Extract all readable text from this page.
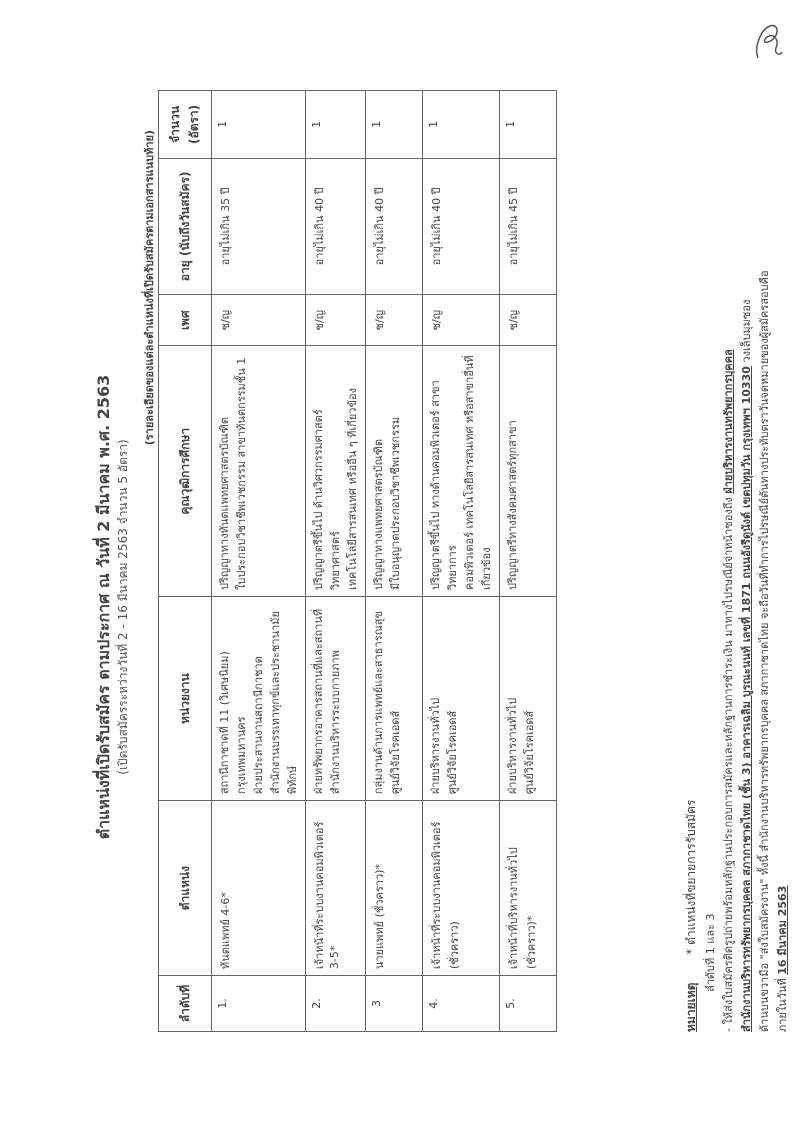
ตำแหน่งที่เปิดรับสมัคร ตามประกาศ ณ วันที่ 2 มีนาคม พ.ศ. 2563 (เปิดรับสมัครระหว่างวันที่ 2 - 16 มีนาคม 2563 จำนวน 5 อัตรา)
(รายละเอียดของแต่ละตำแหน่งที่เปิดรับสมัครตามเอกสารแนบท้าย)
ลำดับที่	ตำแหน่ง	หน่วยงาน	คุณวุฒิการศึกษา	เพศ	อายุ (นับถึงวันสมัคร)	จำนวน (อัตรา)
1.	ทันตแพทย์ 4-6*	สถานีกาชาดที่ 11 (วิเศษนิยม) กรุงเทพมหานคร ฝ่ายประสานงานสถานีกาชาด สำนักงานบรรเทาทุกข์และประชานามัยพิทักษ์	ปริญญาทางทันตแพทยศาสตรบัณฑิต ใบประกอบวิชาชีพเวชกรรม สาขาทันตกรรมชั้น 1	ช/ญ	อายุไม่เกิน 35 ปี	1
2.	เจ้าหน้าที่ระบบงานคอมพิวเตอร์ 3-5*	ฝ่ายทรัพยากรอาคารสถานที่และสถานที่ สำนักงานบริหารระบบกายภาพ	ปริญญาตรีขึ้นไป ด้านวิศวกรรมศาสตร์ วิทยาศาสตร์ เทคโนโลยีสารสนเทศ หรืออื่น ๆ ที่เกี่ยวข้อง	ช/ญ	อายุไม่เกิน 40 ปี	1
3	นายแพทย์ (ชั่วคราว)*	กลุ่มงานด้านการแพทย์และสาธารณสุข ศูนย์วิจัยโรคเอดส์	ปริญญาทางแพทยศาสตรบัณฑิต มีใบอนุญาตประกอบวิชาชีพเวชกรรม	ช/ญ	อายุไม่เกิน 40 ปี	1
4.	เจ้าหน้าที่ระบบงานคอมพิวเตอร์ (ชั่วคราว)	ฝ่ายบริหารงานทั่วไป ศูนย์วิจัยโรคเอดส์	ปริญญาตรีขึ้นไป ทางด้านคอมพิวเตอร์ สาขาวิทยาการ คอมพิวเตอร์ เทคโนโลยีสารสนเทศ หรือสาขาอื่นที่เกี่ยวข้อง	ช/ญ	อายุไม่เกิน 40 ปี	1
5.	เจ้าหน้าที่บริหารงานทั่วไป (ชั่วคราว)*	ฝ่ายบริหารงานทั่วไป ศูนย์วิจัยโรคเอดส์	ปริญญาตรีทางสังคมศาสตร์ทุกสาขา	ช/ญ	อายุไม่เกิน 45 ปี	1
หมายเหตุ * ตำแหน่งที่ขยายการรับสมัคร ลำดับที่ 1 และ 3 - ให้ส่งใบสมัครติดรูปถ่ายพร้อมหลักฐานประกอบการสมัครและหลักฐานการชำระเงิน มาทางไปรษณีย์จ่าหน้าซองถึง ฝ่ายบริหารงานทรัพยากรบุคคล สำนักงานบริหารทรัพยากรบุคคล สภากาชาดไทย (ชั้น 3) อาคารเฉลิม บูรณะนนท์ เลขที่ 1871 ถนนอังรีดูนังต์ เขตปทุมวัน กรุงเทพฯ 10330 วงเล็บมุมซอง ด้านบนขวามือ "ส่งใบสมัครงาน" ทั้งนี้ สำนักงานบริหารทรัพยากรบุคคล สภากาชาดไทย จะถือวันที่ทำการไปรษณีย์ต้นทางประทับตราวันจดหมายของผู้สมัครสอบคือ ภายในวันที่ 16 มีนาคม 2563
